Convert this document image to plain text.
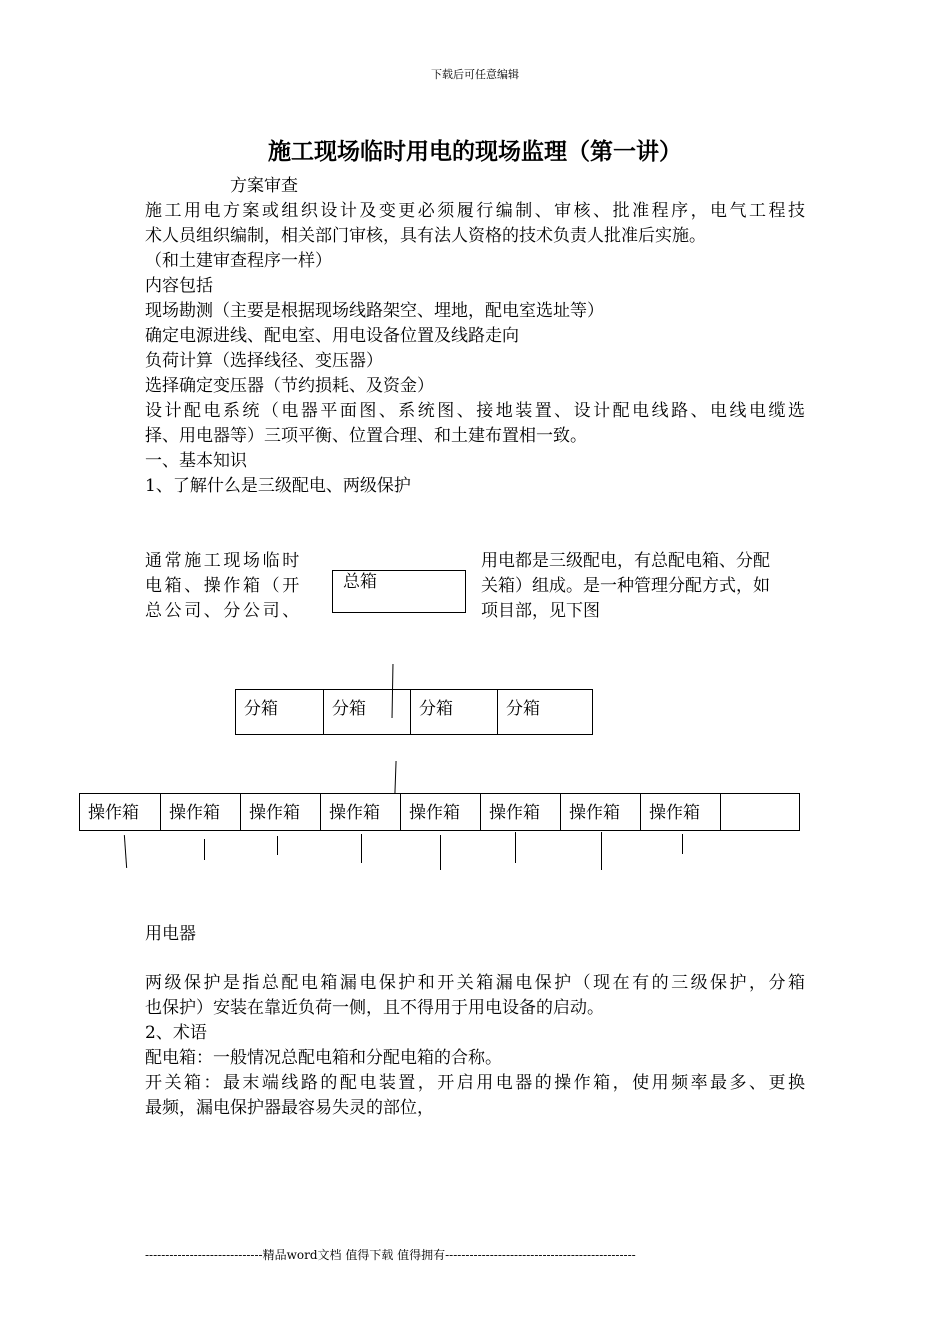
下载后可任意编辑
施工现场临时用电的现场监理（第一讲）
方案审查
施工用电方案或组织设计及变更必须履行编制、审核、批准程序，电气工程技
术人员组织编制，相关部门审核，具有法人资格的技术负责人批准后实施。
（和土建审查程序一样）
内容包括
现场勘测（主要是根据现场线路架空、埋地，配电室选址等）
确定电源进线、配电室、用电设备位置及线路走向
负荷计算（选择线径、变压器）
选择确定变压器（节约损耗、及资金）
设计配电系统（电器平面图、系统图、接地装置、设计配电线路、电线电缆选
择、用电器等）三项平衡、位置合理、和土建布置相一致。
一、基本知识
1、了解什么是三级配电、两级保护
通常施工现场临时
电箱、操作箱（开
总公司、分公司、
用电都是三级配电，有总配电箱、分配
关箱）组成。是一种管理分配方式，如
项目部，见下图
总箱
分箱	分箱	分箱	分箱
操作箱	操作箱	操作箱	操作箱	操作箱	操作箱	操作箱	操作箱
用电器
两级保护是指总配电箱漏电保护和开关箱漏电保护（现在有的三级保护，分箱
也保护）安装在靠近负荷一侧，且不得用于用电设备的启动。
2、术语
配电箱：一般情况总配电箱和分配电箱的合称。
开关箱：最末端线路的配电装置，开启用电器的操作箱，使用频率最多、更换
最频，漏电保护器最容易失灵的部位，
-----------------------------精品word文档 值得下载 值得拥有-----------------------------------------------
